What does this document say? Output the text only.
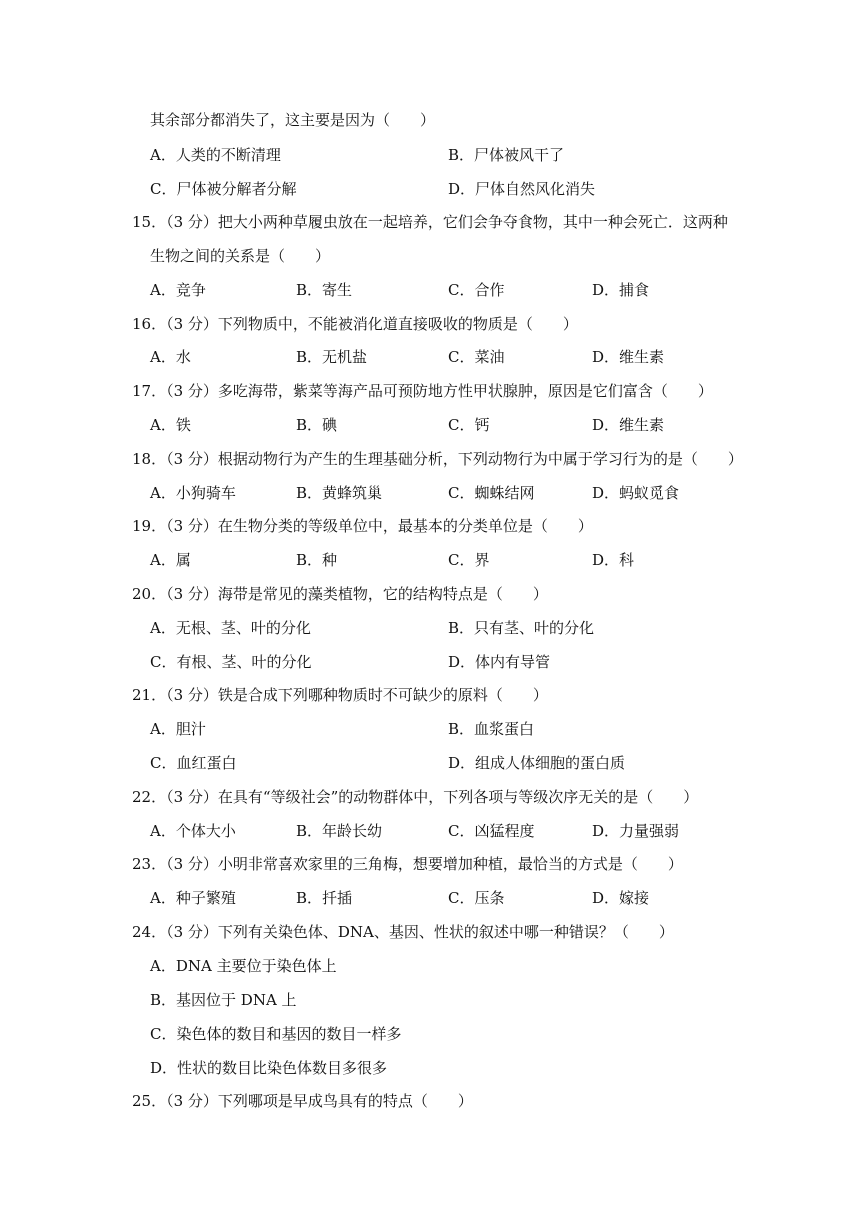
其余部分都消失了，这主要是因为（　　）
A．人类的不断清理	B．尸体被风干了
C．尸体被分解者分解	D．尸体自然风化消失
15．（3 分）把大小两种草履虫放在一起培养，它们会争夺食物，其中一种会死亡．这两种
生物之间的关系是（　　）
A．竞争	B．寄生	C．合作	D．捕食
16．（3 分）下列物质中，不能被消化道直接吸收的物质是（　　）
A．水	B．无机盐	C．菜油	D．维生素
17．（3 分）多吃海带，紫菜等海产品可预防地方性甲状腺肿，原因是它们富含（　　）
A．铁	B．碘	C．钙	D．维生素
18．（3 分）根据动物行为产生的生理基础分析，下列动物行为中属于学习行为的是（　　）
A．小狗骑车	B．黄蜂筑巢	C．蜘蛛结网	D．蚂蚁觅食
19．（3 分）在生物分类的等级单位中，最基本的分类单位是（　　）
A．属	B．种	C．界	D．科
20．（3 分）海带是常见的藻类植物，它的结构特点是（　　）
A．无根、茎、叶的分化	B．只有茎、叶的分化
C．有根、茎、叶的分化	D．体内有导管
21．（3 分）铁是合成下列哪种物质时不可缺少的原料（　　）
A．胆汁	B．血浆蛋白
C．血红蛋白	D．组成人体细胞的蛋白质
22．（3 分）在具有“等级社会”的动物群体中，下列各项与等级次序无关的是（　　）
A．个体大小	B．年龄长幼	C．凶猛程度	D．力量强弱
23．（3 分）小明非常喜欢家里的三角梅，想要增加种植，最恰当的方式是（　　）
A．种子繁殖	B．扦插	C．压条	D．嫁接
24．（3 分）下列有关染色体、DNA、基因、性状的叙述中哪一种错误？（　　）
A．DNA 主要位于染色体上
B．基因位于 DNA 上
C．染色体的数目和基因的数目一样多
D．性状的数目比染色体数目多很多
25．（3 分）下列哪项是早成鸟具有的特点（　　）
